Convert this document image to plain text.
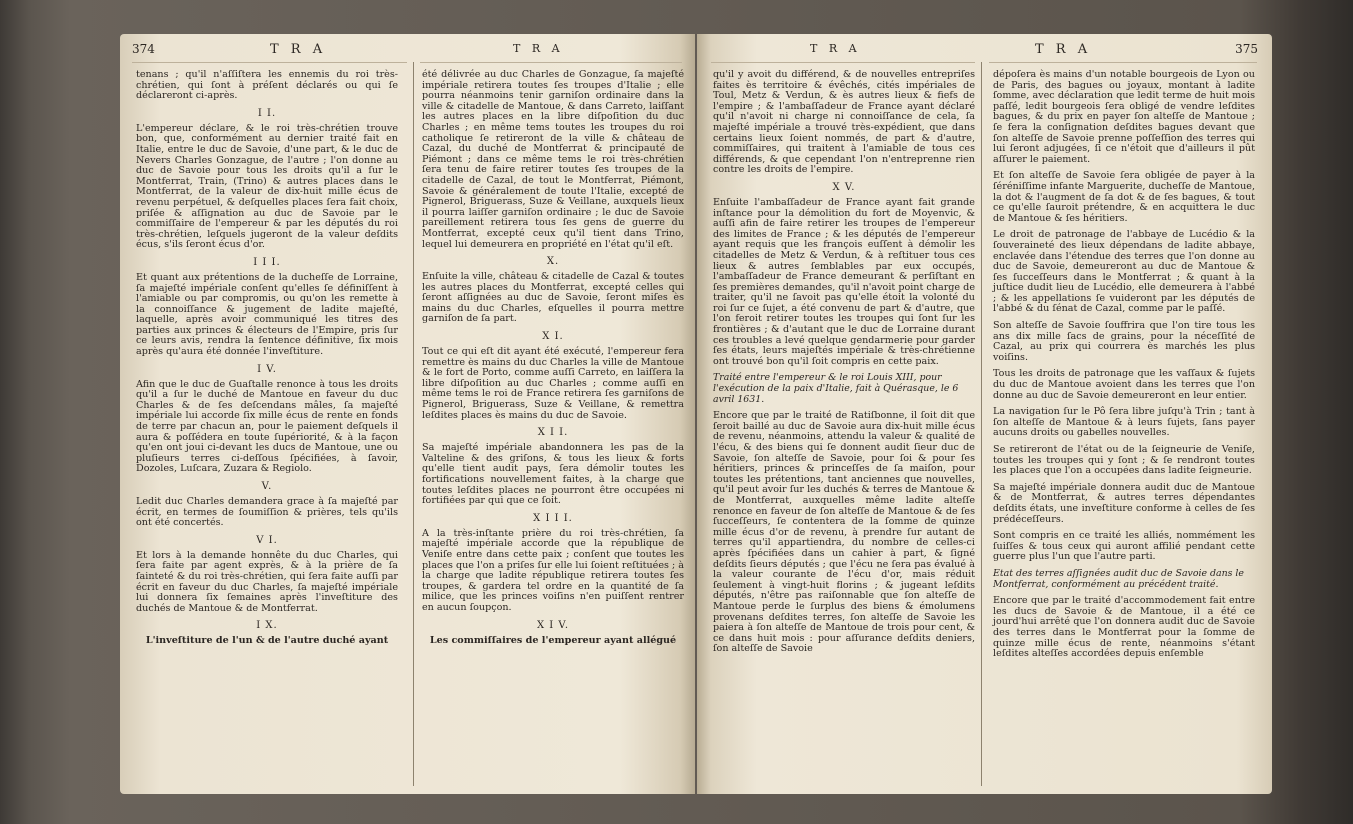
374	T R A	T R A

tenans ; qu'il n'aſſiſtera les ennemis du roi très-chrétien, qui ſont à préſent déclarés ou qui ſe déclareront ci-après.

I I.

L'empereur déclare, & le roi très-chrétien trouve bon, que, conformément au dernier traité fait en Italie, entre le duc de Savoie, d'une part, & le duc de Nevers Charles Gonzague, de l'autre ; l'on donne au duc de Savoie pour tous les droits qu'il a ſur le Montferrat, Train, (Trino) & autres places dans le Montferrat, de la valeur de dix-huit mille écus de revenu perpétuel, & deſquelles places ſera fait choix, priſée & aſſignation au duc de Savoie par le commiſſaire de l'empereur & par les députés du roi très-chrétien, leſquels jugeront de la valeur deſdits écus, s'ils ſeront écus d'or.

I I I.

Et quant aux prétentions de la ducheſſe de Lorraine, ſa majeſté impériale conſent qu'elles ſe définiſſent à l'amiable ou par compromis, ou qu'on les remette à la connoiſſance & jugement de ladite majeſté, laquelle, après avoir communiqué les titres des parties aux princes & électeurs de l'Empire, pris ſur ce leurs avis, rendra la ſentence définitive, ſix mois après qu'aura été donnée l'inveſtiture.

I V.

Afin que le duc de Guaſtalle renonce à tous les droits qu'il a ſur le duché de Mantoue en faveur du duc Charles & de ſes deſcendans mâles, ſa majeſté impériale lui accorde ſix mille écus de rente en fonds de terre par chacun an, pour le paiement deſquels il aura & poſſédera en toute ſupériorité, & à la façon qu'en ont joui ci-devant les ducs de Mantoue, une ou pluſieurs terres ci-deſſous ſpécifiées, à ſavoir, Dozoles, Luſcara, Zuzara & Regiolo.

V.

Ledit duc Charles demandera grace à ſa majeſté par écrit, en termes de ſoumiſſion & prières, tels qu'ils ont été concertés.

V I.

Et lors à la demande honnête du duc Charles, qui ſera faite par agent exprès, & à la prière de ſa ſainteté & du roi très-chrétien, qui ſera faite auſſi par écrit en faveur du duc Charles, ſa majeſté impériale lui donnera ſix ſemaines après l'inveſtiture des duchés de Mantoue & de Montferrat.

I X.

L'inveſtiture de l'un & de l'autre duché ayant

été délivrée au duc Charles de Gonzague, ſa majeſté impériale retirera toutes ſes troupes d'Italie ; elle pourra néanmoins tenir garniſon ordinaire dans la ville & citadelle de Mantoue, & dans Carreto, laiſſant les autres places en la libre diſpoſition du duc Charles ; en même tems toutes les troupes du roi catholique ſe retireront de la ville & château de Cazal, du duché de Montferrat & principauté de Piémont ; dans ce même tems le roi très-chrétien ſera tenu de faire retirer toutes ſes troupes de la citadelle de Cazal, de tout le Montferrat, Piémont, Savoie & généralement de toute l'Italie, excepté de Pignerol, Briguerass, Suze & Veillane, auxquels lieux il pourra laiſſer garniſon ordinaire ; le duc de Savoie pareillement retirera tous ſes gens de guerre du Montferrat, excepté ceux qu'il tient dans Trino, lequel lui demeurera en propriété en l'état qu'il eſt.

X.

Enſuite la ville, château & citadelle de Cazal & toutes les autres places du Montferrat, excepté celles qui ſeront aſſignées au duc de Savoie, ſeront miſes ès mains du duc Charles, eſquelles il pourra mettre garniſon de ſa part.

X I.

Tout ce qui eſt dit ayant été exécuté, l'empereur fera remettre ès mains du duc Charles la ville de Mantoue & le fort de Porto, comme auſſi Carreto, en laiſſera la libre diſpoſition au duc Charles ; comme auſſi en même tems le roi de France retirera ſes garniſons de Pignerol, Briguerass, Suze & Veillane, & remettra leſdites places ès mains du duc de Savoie.

X I I.

Sa majeſté impériale abandonnera les pas de la Valteline & des griſons, & tous les lieux & forts qu'elle tient audit pays, ſera démolir toutes les fortifications nouvellement faites, à la charge que toutes leſdites places ne pourront être occupées ni fortifiées par qui que ce ſoit.

X I I I.

A la très-inſtante prière du roi très-chrétien, ſa majeſté impériale accorde que la république de Veniſe entre dans cette paix ; conſent que toutes les places que l'on a priſes ſur elle lui ſoient reſtituées ; à la charge que ladite république retirera toutes ſes troupes, & gardera tel ordre en la quantité de ſa milice, que les princes voiſins n'en puiſſent rentrer en aucun ſoupçon.

X I V.

Les commiſſaires de l'empereur ayant allégué

375
T R A	T R A

qu'il y avoit du différend, & de nouvelles entrepriſes faites ès territoire & évêchés, cités impériales de Toul, Metz & Verdun, & ès autres lieux & fiefs de l'empire ; & l'ambaſſadeur de France ayant déclaré qu'il n'avoit ni charge ni connoiſſance de cela, ſa majeſté impériale a trouvé très-expédient, que dans certains lieux ſoient nommés, de part & d'autre, commiſſaires, qui traitent à l'amiable de tous ces différends, & que cependant l'on n'entreprenne rien contre les droits de l'empire.

X V.

Enſuite l'ambaſſadeur de France ayant fait grande inſtance pour la démolition du fort de Moyenvic, & auſſi afin de faire retirer les troupes de l'empereur des limites de France ; & les députés de l'empereur ayant requis que les françois euſſent à démolir les citadelles de Metz & Verdun, & à reſtituer tous ces lieux & autres ſemblables par eux occupés, l'ambaſſadeur de France demeurant & perſiſtant en ſes premières demandes, qu'il n'avoit point charge de traiter, qu'il ne ſavoit pas qu'elle étoit la volonté du roi ſur ce ſujet, a été convenu de part & d'autre, que l'on feroit retirer toutes les troupes qui ſont ſur les frontières ; & d'autant que le duc de Lorraine durant ces troubles a levé quelque gendarmerie pour garder ſes états, leurs majeſtés impériale & très-chrétienne ont trouvé bon qu'il ſoit compris en cette paix.

Traité entre l'empereur & le roi Louis XIII, pour l'exécution de la paix d'Italie, fait à Quérasque, le 6 avril 1631.

Encore que par le traité de Ratiſbonne, il ſoit dit que ſeroit baillé au duc de Savoie aura dix-huit mille écus de revenu, néanmoins, attendu la valeur & qualité de l'écu, & des biens qui ſe donnent audit ſieur duc de Savoie, ſon alteſſe de Savoie, pour ſoi & pour ſes héritiers, princes & princeſſes de ſa maiſon, pour toutes les prétentions, tant anciennes que nouvelles, qu'il peut avoir ſur les duchés & terres de Mantoue & de Montferrat, auxquelles même ladite alteſſe renonce en faveur de ſon alteſſe de Mantoue & de ſes ſucceſſeurs, ſe contentera de la ſomme de quinze mille écus d'or de revenu, à prendre ſur autant de terres qu'il appartiendra, du nombre de celles-ci après ſpécifiées dans un cahier à part, & ſigné deſdits ſieurs députés ; que l'écu ne ſera pas évalué à la valeur courante de l'écu d'or, mais réduit ſeulement à vingt-huit florins ; & jugeant leſdits députés, n'être pas raiſonnable que ſon alteſſe de Mantoue perde le ſurplus des biens & émolumens provenans deſdites terres, ſon alteſſe de Savoie les paiera à ſon alteſſe de Mantoue de trois pour cent, & ce dans huit mois : pour aſſurance deſdits deniers, ſon alteſſe de Savoie

dépoſera ès mains d'un notable bourgeois de Lyon ou de Paris, des bagues ou joyaux, montant à ladite ſomme, avec déclaration que ledit terme de huit mois paſſé, ledit bourgeois ſera obligé de vendre leſdites bagues, & du prix en payer ſon alteſſe de Mantoue ; ſe fera la conſignation deſdites bagues devant que ſon alteſſe de Savoie prenne poſſeſſion des terres qui lui ſeront adjugées, ſi ce n'étoit que d'ailleurs il pût aſſurer le paiement.

Et ſon alteſſe de Savoie ſera obligée de payer à la ſéréniſſime infante Marguerite, ducheſſe de Mantoue, la dot & l'augment de ſa dot & de ſes bagues, & tout ce qu'elle ſauroit prétendre, & en acquittera le duc de Mantoue & ſes héritiers.

Le droit de patronage de l'abbaye de Lucédio & la ſouveraineté des lieux dépendans de ladite abbaye, enclavée dans l'étendue des terres que l'on donne au duc de Savoie, demeureront au duc de Mantoue & ſes ſucceſſeurs dans le Montferrat ; & quant à la juſtice dudit lieu de Lucédio, elle demeurera à l'abbé ; & les appellations ſe vuideront par les députés de l'abbé & du ſénat de Cazal, comme par le paſſé.

Son alteſſe de Savoie ſouffrira que l'on tire tous les ans dix mille ſacs de grains, pour la néceſſité de Cazal, au prix qui courrera ès marchés les plus voiſins.

Tous les droits de patronage que les vaſſaux & ſujets du duc de Mantoue avoient dans les terres que l'on donne au duc de Savoie demeureront en leur entier.

La navigation ſur le Pô ſera libre juſqu'à Trin ; tant à ſon alteſſe de Mantoue & à leurs ſujets, ſans payer aucuns droits ou gabelles nouvelles.

Se retireront de l'état ou de la ſeigneurie de Veniſe, toutes les troupes qui y ſont ; & ſe rendront toutes les places que l'on a occupées dans ladite ſeigneurie.

Sa majeſté impériale donnera audit duc de Mantoue & de Montferrat, & autres terres dépendantes deſdits états, une inveſtiture conforme à celles de ſes prédéceſſeurs.

Sont compris en ce traité les alliés, nommément les ſuiſſes & tous ceux qui auront affilié pendant cette guerre plus l'un que l'autre parti.

Etat des terres aſſignées audit duc de Savoie dans le Montferrat, conformément au précédent traité.

Encore que par le traité d'accommodement fait entre les ducs de Savoie & de Mantoue, il a été ce jourd'hui arrêté que l'on donnera audit duc de Savoie des terres dans le Montferrat pour la ſomme de quinze mille écus de rente, néanmoins s'étant leſdites alteſſes accordées depuis enſemble
